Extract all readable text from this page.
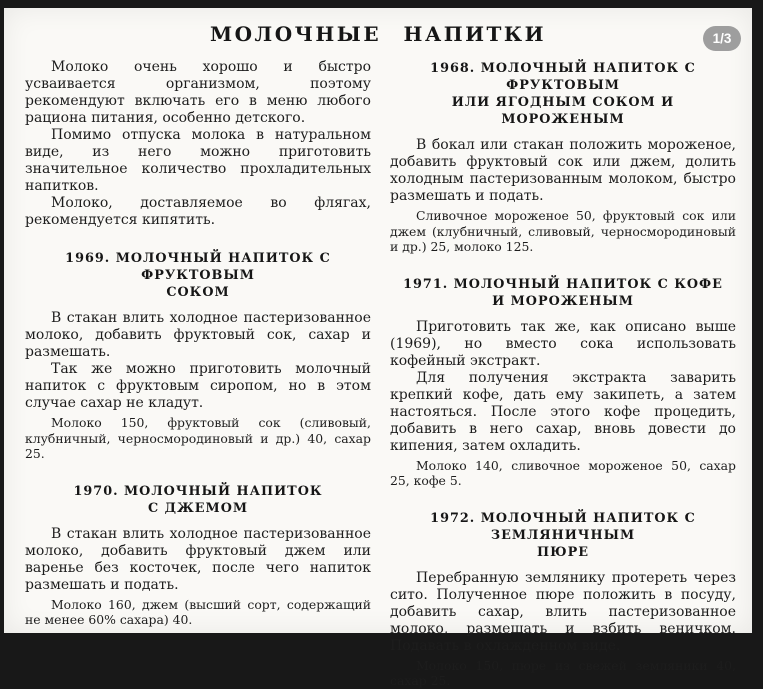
МОЛОЧНЫЕ НАПИТКИ

Молоко очень хорошо и быстро усваивается организмом, поэтому рекомендуют включать его в меню любого рациона питания, особенно детского.

Помимо отпуска молока в натуральном виде, из него можно приготовить значительное количество прохладительных напитков.

Молоко, доставляемое во флягах, рекомендуется кипятить.

1969. МОЛОЧНЫЙ НАПИТОК С ФРУКТОВЫМ
СОКОМ

В стакан влить холодное пастеризованное молоко, добавить фруктовый сок, сахар и размешать.

Так же можно приготовить молочный напиток с фруктовым сиропом, но в этом случае сахар не кладут.

Молоко 150, фруктовый сок (сливовый, клубничный, черносмородиновый и др.) 40, сахар 25.

1970. МОЛОЧНЫЙ НАПИТОК
С ДЖЕМОМ

В стакан влить холодное пастеризованное молоко, добавить фруктовый джем или варенье без косточек, после чего напиток размешать и подать.

Молоко 160, джем (высший сорт, содержащий не менее 60% сахара) 40.

1968. МОЛОЧНЫЙ НАПИТОК С ФРУКТОВЫМ
ИЛИ ЯГОДНЫМ СОКОМ И МОРОЖЕНЫМ

В бокал или стакан положить мороженое, добавить фруктовый сок или джем, долить холодным пастеризованным молоком, быстро размешать и подать.

Сливочное мороженое 50, фруктовый сок или джем (клубничный, сливовый, черносмородиновый и др.) 25, молоко 125.

1971. МОЛОЧНЫЙ НАПИТОК С КОФЕ
И МОРОЖЕНЫМ

Приготовить так же, как описано выше (1969), но вместо сока использовать кофейный экстракт.

Для получения экстракта заварить крепкий кофе, дать ему закипеть, а затем настояться. После этого кофе процедить, добавить в него сахар, вновь довести до кипения, затем охладить.

Молоко 140, сливочное мороженое 50, сахар 25, кофе 5.

1972. МОЛОЧНЫЙ НАПИТОК С ЗЕМЛЯНИЧНЫМ
ПЮРЕ

Перебранную землянику протереть через сито. Полученное пюре положить в посуду, добавить сахар, влить пастеризованное молоко, размешать и взбить веничком. Подавать в охлажденном виде.

Молоко 150, пюре из свежей земляники 40, сахар 25.

1/3
